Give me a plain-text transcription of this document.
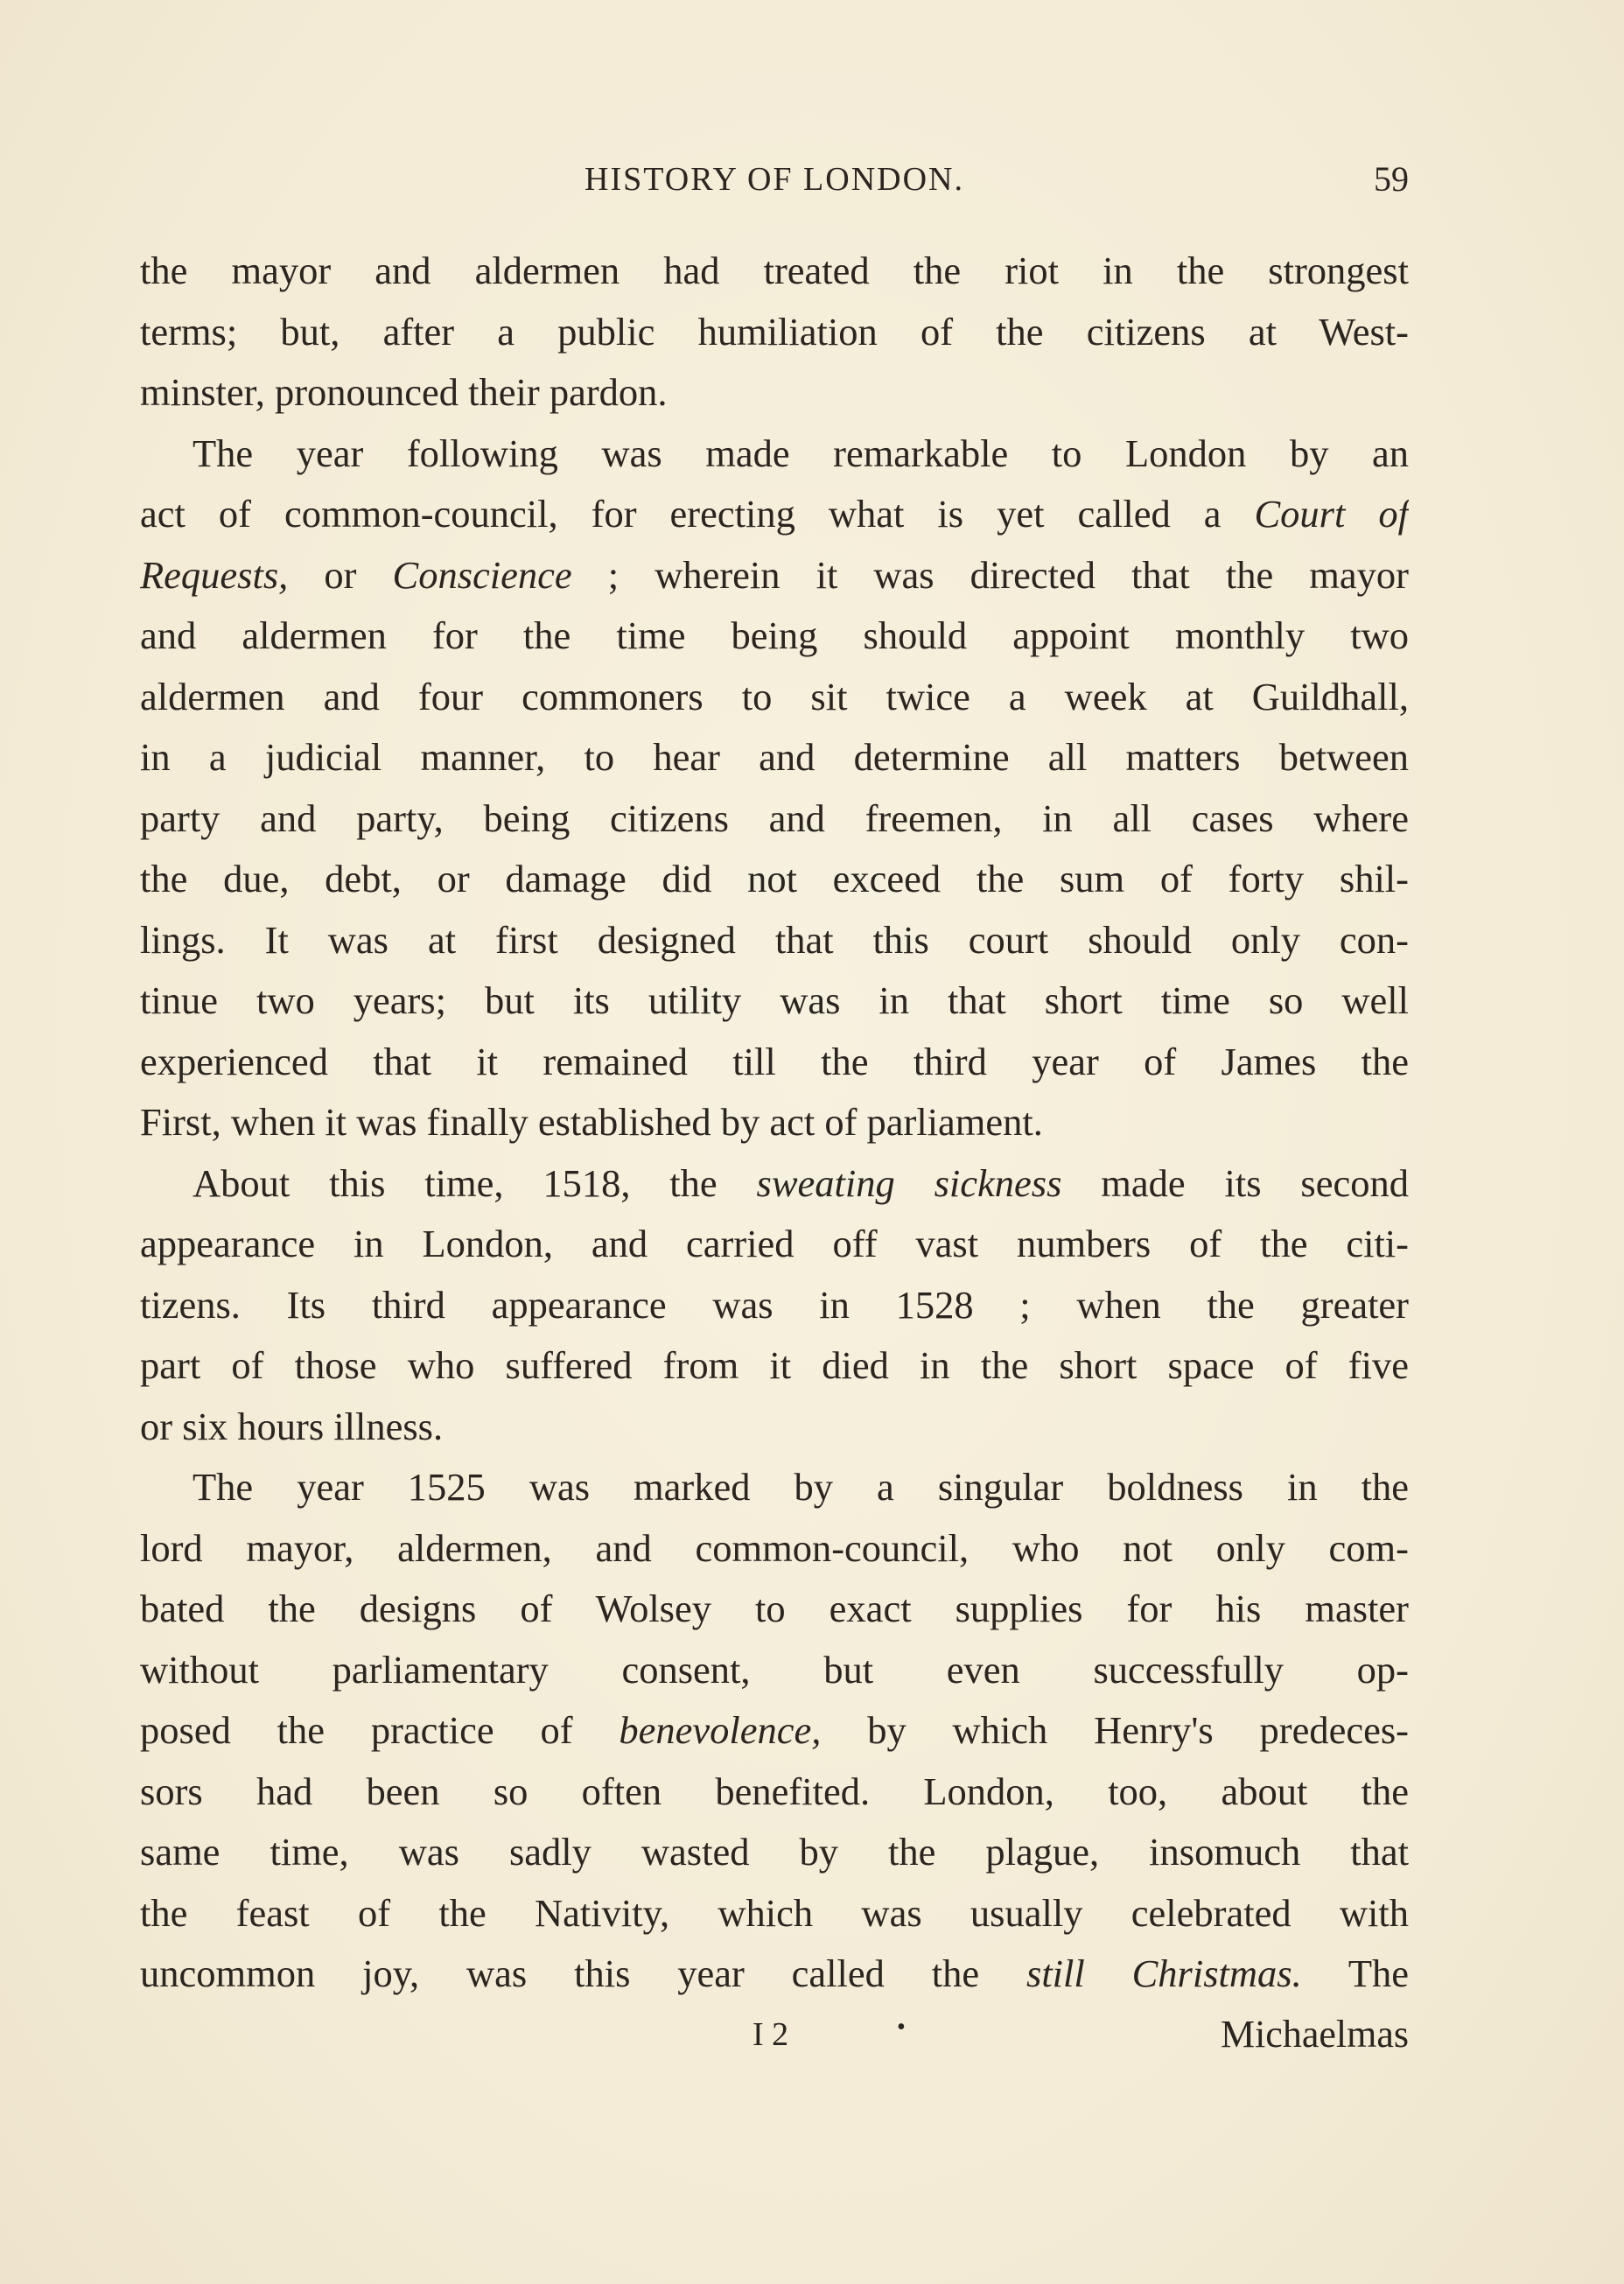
HISTORY OF LONDON.	59
the mayor and aldermen had treated the riot in the strongest
terms; but, after a public humiliation of the citizens at West-
minster, pronounced their pardon.
The year following was made remarkable to London by an
act of common-council, for erecting what is yet called a Court of
Requests, or Conscience ; wherein it was directed that the mayor
and aldermen for the time being should appoint monthly two
aldermen and four commoners to sit twice a week at Guildhall,
in a judicial manner, to hear and determine all matters between
party and party, being citizens and freemen, in all cases where
the due, debt, or damage did not exceed the sum of forty shil-
lings. It was at first designed that this court should only con-
tinue two years; but its utility was in that short time so well
experienced that it remained till the third year of James the
First, when it was finally established by act of parliament.
About this time, 1518, the sweating sickness made its second
appearance in London, and carried off vast numbers of the citi-
tizens. Its third appearance was in 1528 ; when the greater
part of those who suffered from it died in the short space of five
or six hours illness.
The year 1525 was marked by a singular boldness in the
lord mayor, aldermen, and common-council, who not only com-
bated the designs of Wolsey to exact supplies for his master
without parliamentary consent, but even successfully op-
posed the practice of benevolence, by which Henry's predeces-
sors had been so often benefited. London, too, about the
same time, was sadly wasted by the plague, insomuch that
the feast of the Nativity, which was usually celebrated with
uncommon joy, was this year called the still Christmas. The
I 2	•	Michaelmas
